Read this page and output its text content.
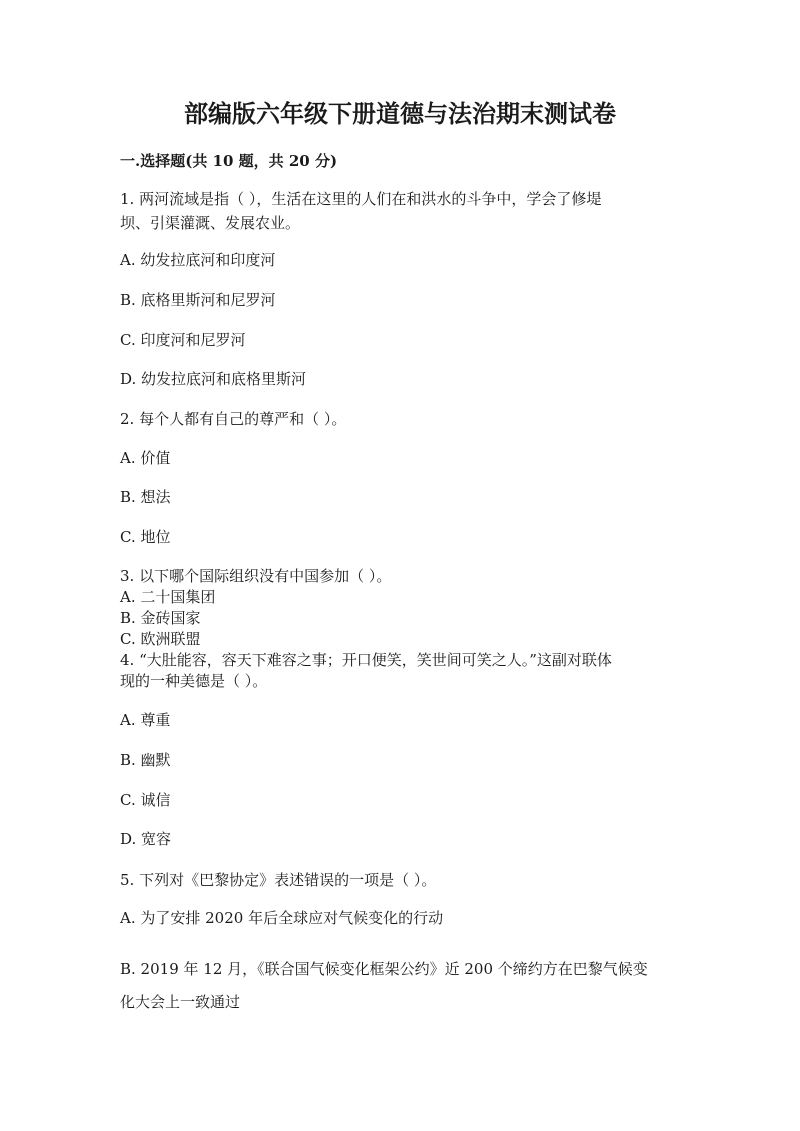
部编版六年级下册道德与法治期末测试卷
一.选择题(共 10 题，共 20 分)
1. 两河流域是指（ ），生活在这里的人们在和洪水的斗争中，学会了修堤
坝、引渠灌溉、发展农业。
A. 幼发拉底河和印度河
B. 底格里斯河和尼罗河
C. 印度河和尼罗河
D. 幼发拉底河和底格里斯河
2. 每个人都有自己的尊严和（ ）。
A. 价值
B. 想法
C. 地位
3. 以下哪个国际组织没有中国参加（ ）。
A. 二十国集团
B. 金砖国家
C. 欧洲联盟
4. “大肚能容，容天下难容之事；开口便笑，笑世间可笑之人。”这副对联体
现的一种美德是（ ）。
A. 尊重
B. 幽默
C. 诚信
D. 宽容
5. 下列对《巴黎协定》表述错误的一项是（ ）。
A. 为了安排 2020 年后全球应对气候变化的行动
B. 2019 年 12 月，《联合国气候变化框架公约》近 200 个缔约方在巴黎气候变
化大会上一致通过
